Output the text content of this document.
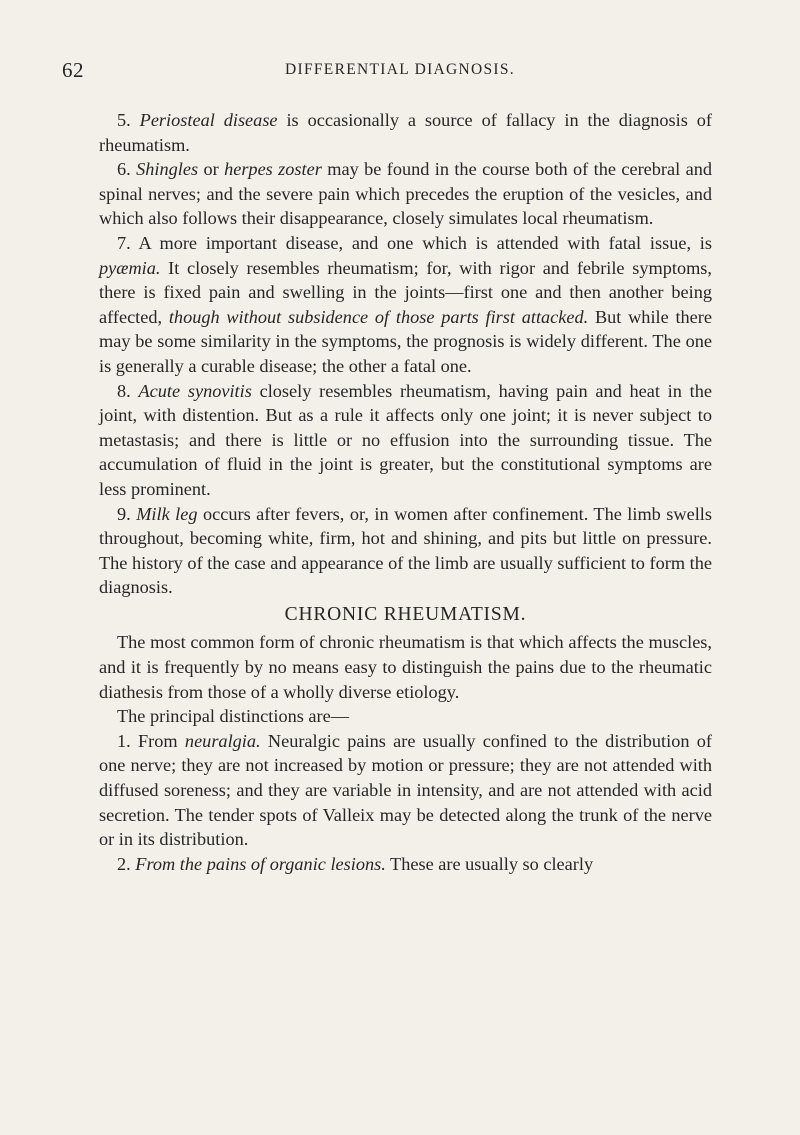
62	DIFFERENTIAL DIAGNOSIS.

5. Periosteal disease is occasionally a source of fallacy in the diagnosis of rheumatism.

6. Shingles or herpes zoster may be found in the course both of the cerebral and spinal nerves; and the severe pain which precedes the eruption of the vesicles, and which also follows their disappearance, closely simulates local rheumatism.

7. A more important disease, and one which is attended with fatal issue, is pyæmia. It closely resembles rheumatism; for, with rigor and febrile symptoms, there is fixed pain and swelling in the joints—first one and then another being affected, though without subsidence of those parts first attacked. But while there may be some similarity in the symptoms, the prognosis is widely different. The one is generally a curable disease; the other a fatal one.

8. Acute synovitis closely resembles rheumatism, having pain and heat in the joint, with distention. But as a rule it affects only one joint; it is never subject to metastasis; and there is little or no effusion into the surrounding tissue. The accumulation of fluid in the joint is greater, but the constitutional symptoms are less prominent.

9. Milk leg occurs after fevers, or, in women after confinement. The limb swells throughout, becoming white, firm, hot and shining, and pits but little on pressure. The history of the case and appearance of the limb are usually sufficient to form the diagnosis.

CHRONIC RHEUMATISM.

The most common form of chronic rheumatism is that which affects the muscles, and it is frequently by no means easy to distinguish the pains due to the rheumatic diathesis from those of a wholly diverse etiology.

The principal distinctions are—

1. From neuralgia. Neuralgic pains are usually confined to the distribution of one nerve; they are not increased by motion or pressure; they are not attended with diffused soreness; and they are variable in intensity, and are not attended with acid secretion. The tender spots of Valleix may be detected along the trunk of the nerve or in its distribution.

2. From the pains of organic lesions. These are usually so clearly
